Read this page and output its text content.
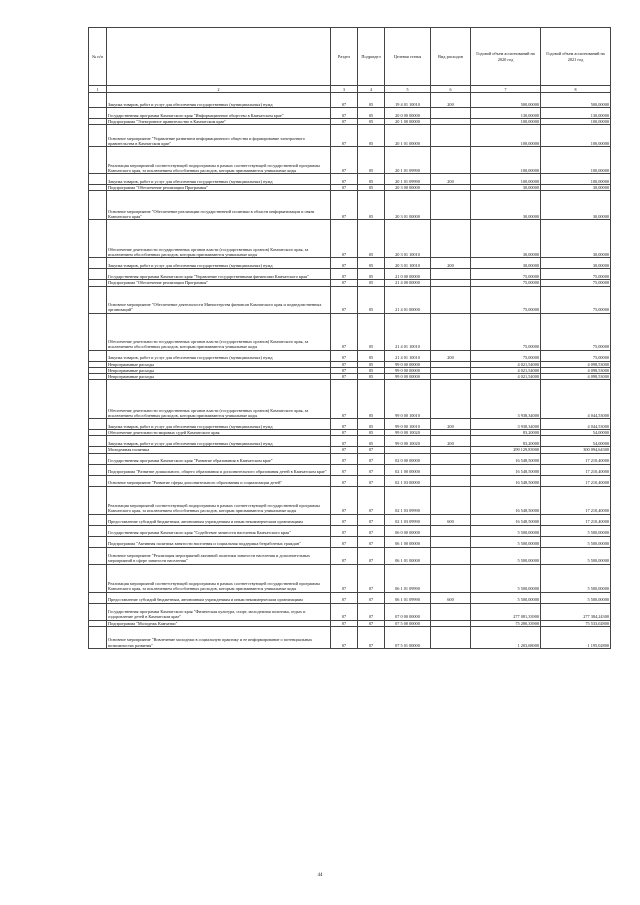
№ п/п		Раздел	Подраздел	Целевая статья	Вид расходов	Годовой объем ассигнований на 2020 год	Годовой объем ассигнований на 2021 год
1	2	3	4	5	6	7	8
	Закупка товаров, работ и услуг для обеспечения государственных (муниципальных) нужд	07	05	19 4 01 10010	200	500,00000	500,00000
	Государственная программа Камчатского края "Информационное общество в Камчатском крае"	07	05	20 0 00 00000		130,00000	130,00000
	Подпрограмма "Электронное правительство в Камчатском крае"	07	05	20 1 00 00000		100,00000	100,00000
	Основное мероприятие "Управление развитием информационного общества и формирование электронного правительства в Камчатском крае"	07	05	20 1 01 00000		100,00000	100,00000
	Реализация мероприятий соответствующей подпрограммы в рамках соответствующей государственной программы Камчатского края, за исключением обособленных расходов, которым присваиваются уникальные коды	07	05	20 1 01 09990		100,00000	100,00000
	Закупка товаров, работ и услуг для обеспечения государственных (муниципальных) нужд	07	05	20 1 01 09990	200	100,00000	100,00000
	Подпрограмма "Обеспечение реализации Программы"	07	05	20 3 00 00000		30,00000	30,00000
	Основное мероприятие "Обеспечение реализации государственной политики в области информатизации и связи Камчатского края"	07	05	20 3 01 00000		30,00000	30,00000
	Обеспечение деятельности государственных органов власти (государственных органов) Камчатского края, за исключением обособленных расходов, которым присваиваются уникальные коды	07	05	20 3 01 10010		30,00000	30,00000
	Закупка товаров, работ и услуг для обеспечения государственных (муниципальных) нужд	07	05	20 3 01 10010	200	30,00000	30,00000
	Государственная программа Камчатского края "Управление государственными финансами Камчатского края"	07	05	21 0 00 00000		75,00000	75,00000
	Подпрограмма "Обеспечение реализации Программы"	07	05	21 4 00 00000		75,00000	75,00000
	Основное мероприятие "Обеспечение деятельности Министерства финансов Камчатского края и подведомственных организаций"	07	05	21 4 01 00000		75,00000	75,00000
	Обеспечение деятельности государственных органов власти (государственных органов) Камчатского края, за исключением обособленных расходов, которым присваиваются уникальные коды	07	05	21 4 01 10010		75,00000	75,00000
	Закупка товаров, работ и услуг для обеспечения государственных (муниципальных) нужд	07	05	21 4 01 10010	200	75,00000	75,00000
	Непрограммные расходы	07	05	99 0 00 00000		4 021,54000	4 098,53000
	Непрограммные расходы	07	05	99 0 00 00000		4 021,54000	4 098,53000
	Непрограммные расходы	07	05	99 0 00 00000		4 021,54000	4 098,53000
	Обеспечение деятельности государственных органов власти (государственных органов) Камчатского края, за исключением обособленных расходов, которым присваиваются уникальные коды	07	05	99 0 00 10010		3 938,34000	4 044,53000
	Закупка товаров, работ и услуг для обеспечения государственных (муниципальных) нужд	07	05	99 0 00 10010	200	3 938,34000	4 044,53000
	Обеспечение деятельности мировых судей Камчатского края	07	05	99 0 00 10020		83,20000	54,00000
	Закупка товаров, работ и услуг для обеспечения государственных (муниципальных) нужд	07	05	99 0 00 10020	200	83,20000	54,00000
	Молодежная политика	07	07			299 129,83900	300 094,64300
	Государственная программа Камчатского края "Развитие образования в Камчатском крае"	07	07	02 0 00 00000		16 548,50000	17 210,40000
	Подпрограмма "Развитие дошкольного, общего образования и дополнительного образования детей в Камчатском крае"	07	07	02 1 00 00000		16 548,50000	17 210,40000
	Основное мероприятие "Развитие сферы дополнительного образования и социализации детей"	07	07	02 1 03 00000		16 548,50000	17 210,40000
	Реализация мероприятий соответствующей подпрограммы в рамках соответствующей государственной программы Камчатского края, за исключением обособленных расходов, которым присваиваются уникальные коды	07	07	02 1 03 09990		16 548,50000	17 210,40000
	Предоставление субсидий бюджетным, автономным учреждениям и иным некоммерческим организациям	07	07	02 1 03 09990	600	16 548,50000	17 210,40000
	Государственная программа Камчатского края "Содействие занятости населения Камчатского края"	07	07	06 0 00 00000		5 500,00000	5 500,00000
	Подпрограмма "Активная политика занятости населения и социальная поддержка безработных граждан"	07	07	06 1 00 00000		5 500,00000	5 500,00000
	Основное мероприятие "Реализация мероприятий активной политики занятости населения и дополнительных мероприятий в сфере занятости населения"	07	07	06 1 01 00000		5 500,00000	5 500,00000
	Реализация мероприятий соответствующей подпрограммы в рамках соответствующей государственной программы Камчатского края, за исключением обособленных расходов, которым присваиваются уникальные коды	07	07	06 1 01 09990		5 500,00000	5 500,00000
	Предоставление субсидий бюджетным, автономным учреждениям и иным некоммерческим организациям	07	07	06 1 01 09990	600	5 500,00000	5 500,00000
	Государственная программа Камчатского края "Физическая культура, спорт, молодежная политика, отдых и оздоровление детей в Камчатском крае"	07	07	07 0 00 00000		277 081,33900	277 384,24300
	Подпрограмма "Молодежь Камчатки"	07	07	07 5 00 00000		75 280,33900	75 533,02800
	Основное мероприятие "Вовлечение молодежи в социальную практику и ее информирование о потенциальных возможностях развития"	07	07	07 5 01 00000		1 203,68000	1 195,02800
44
